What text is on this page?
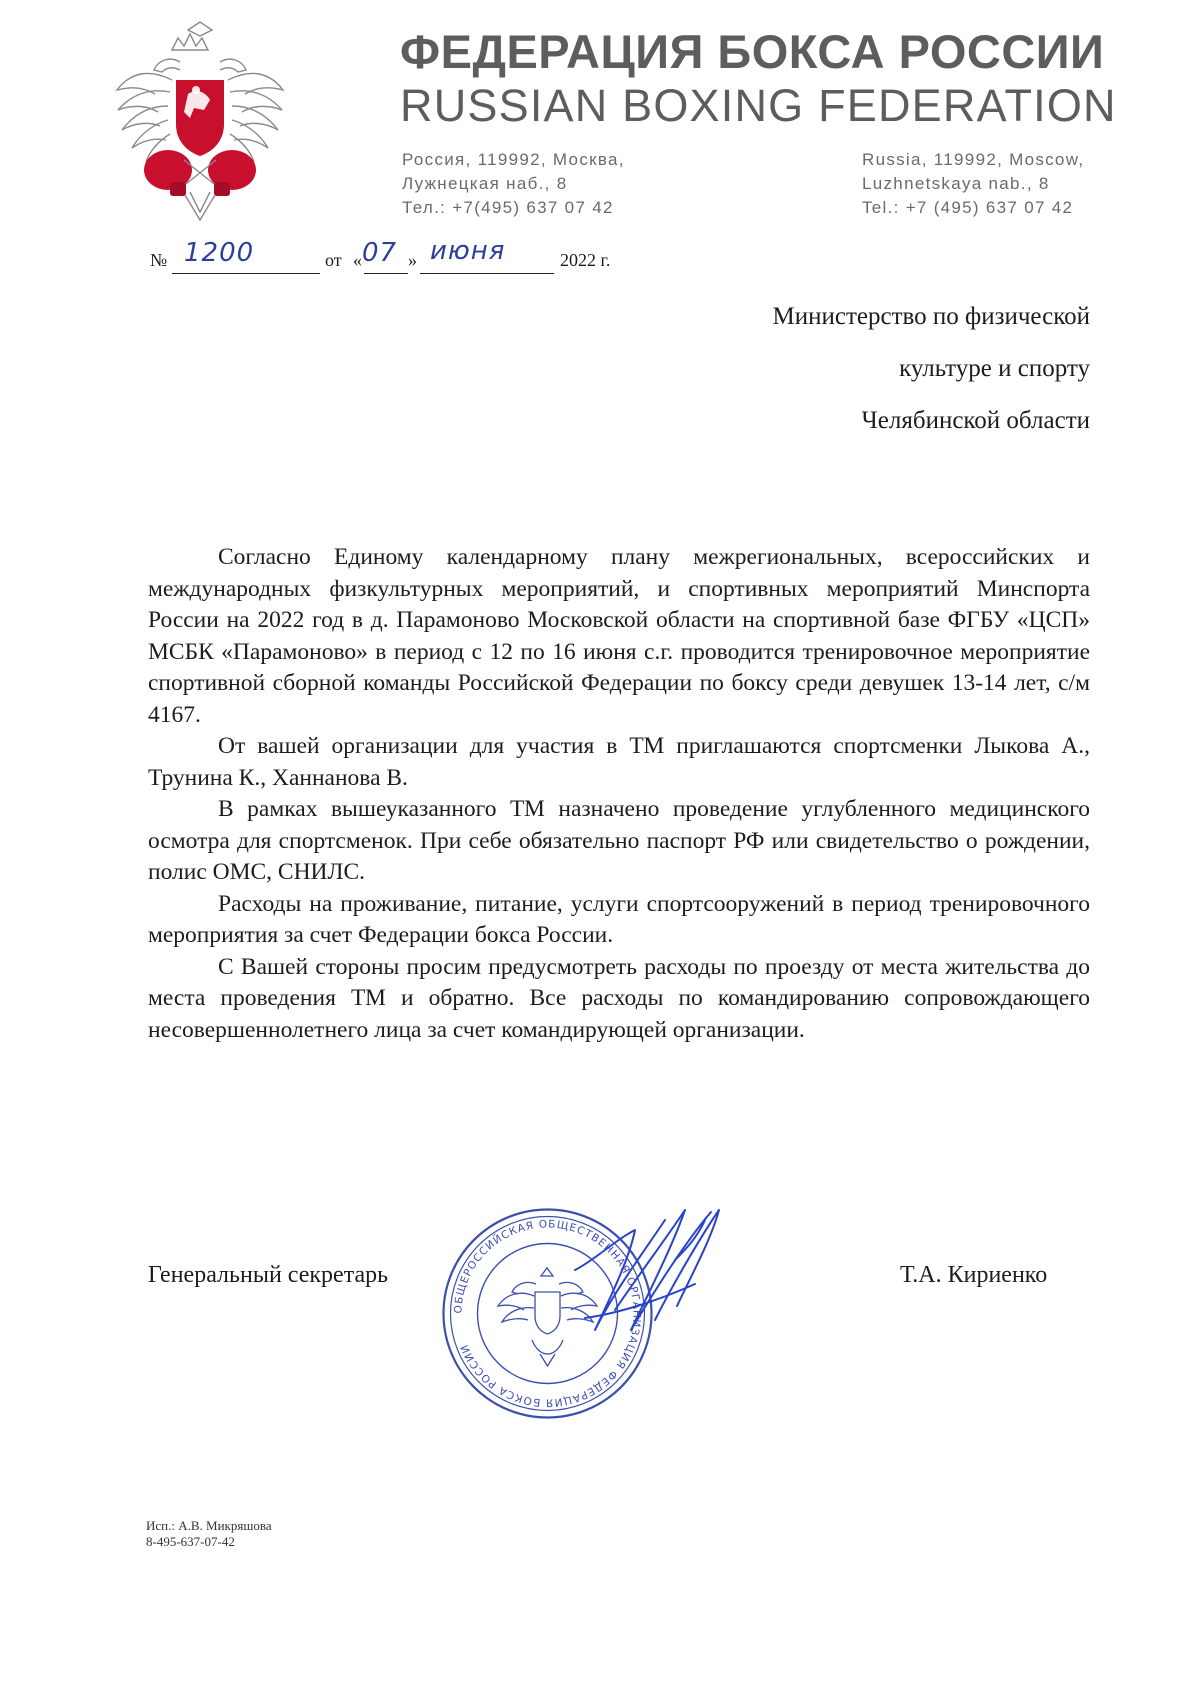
ФЕДЕРАЦИЯ БОКСА РОССИИ
RUSSIAN BOXING FEDERATION
Россия, 119992, Москва,
Лужнецкая наб., 8
Тел.: +7(495) 637 07 42
Russia, 119992, Moscow,
Luzhnetskaya nab., 8
Tel.: +7 (495) 637 07 42
№ 1200	от « 07 » июня	2022 г.
Министерство по физической
культуре и спорту
Челябинской области

Согласно Единому календарному плану межрегиональных, всероссийских и международных физкультурных мероприятий, и спортивных мероприятий Минспорта России на 2022 год в д. Парамоново Московской области на спортивной базе ФГБУ «ЦСП» МСБК «Парамоново» в период с 12 по 16 июня с.г. проводится тренировочное мероприятие спортивной сборной команды Российской Федерации по боксу среди девушек 13-14 лет, с/м 4167.

От вашей организации для участия в ТМ приглашаются спортсменки Лыкова А., Трунина К., Ханнанова В.

В рамках вышеуказанного ТМ назначено проведение углубленного медицинского осмотра для спортсменок. При себе обязательно паспорт РФ или свидетельство о рождении, полис ОМС, СНИЛС.

Расходы на проживание, питание, услуги спортсооружений в период тренировочного мероприятия за счет Федерации бокса России.

С Вашей стороны просим предусмотреть расходы по проезду от места жительства до места проведения ТМ и обратно. Все расходы по командированию сопровождающего несовершеннолетнего лица за счет командирующей организации.

Генеральный секретарь	Т.А. Кириенко
ОБЩЕРОССИЙСКАЯ ОБЩЕСТВЕННАЯ ОРГАНИЗАЦИЯ ФЕДЕРАЦИЯ БОКСА РОССИИ
Исп.: А.В. Микряшова
8-495-637-07-42
